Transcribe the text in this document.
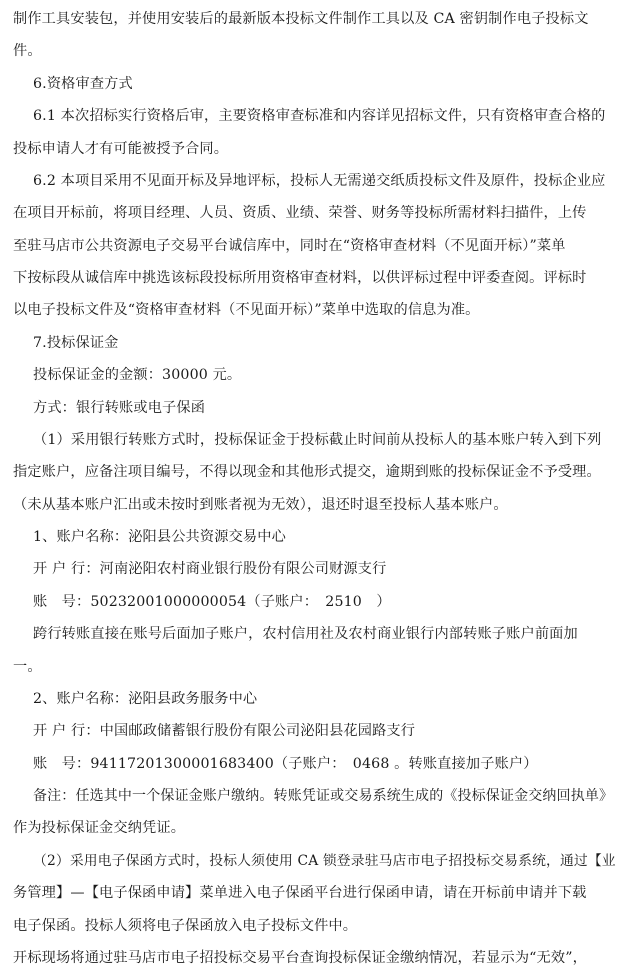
制作工具安装包，并使用安装后的最新版本投标文件制作工具以及 CA 密钥制作电子投标文
件。
6.资格审查方式
6.1 本次招标实行资格后审，主要资格审查标准和内容详见招标文件，只有资格审查合格的
投标申请人才有可能被授予合同。
6.2 本项目采用不见面开标及异地评标，投标人无需递交纸质投标文件及原件，投标企业应
在项目开标前，将项目经理、人员、资质、业绩、荣誉、财务等投标所需材料扫描件，上传
至驻马店市公共资源电子交易平台诚信库中，同时在“资格审查材料（不见面开标）”菜单
下按标段从诚信库中挑选该标段投标所用资格审查材料，以供评标过程中评委查阅。评标时
以电子投标文件及“资格审查材料（不见面开标）”菜单中选取的信息为准。
7.投标保证金
投标保证金的金额：30000 元。
方式：银行转账或电子保函
（1）采用银行转账方式时，投标保证金于投标截止时间前从投标人的基本账户转入到下列
指定账户，应备注项目编号，不得以现金和其他形式提交，逾期到账的投标保证金不予受理。
（未从基本账户汇出或未按时到账者视为无效），退还时退至投标人基本账户。
1、账户名称：泌阳县公共资源交易中心
开 户 行：河南泌阳农村商业银行股份有限公司财源支行
账　号：50232001000000054（子账户：　2510　）
跨行转账直接在账号后面加子账户，农村信用社及农村商业银行内部转账子账户前面加
一。
2、账户名称：泌阳县政务服务中心
开 户 行：中国邮政储蓄银行股份有限公司泌阳县花园路支行
账　号：94117201300001683400（子账户：　0468 。转账直接加子账户）
备注：任选其中一个保证金账户缴纳。转账凭证或交易系统生成的《投标保证金交纳回执单》
作为投标保证金交纳凭证。
（2）采用电子保函方式时，投标人须使用 CA 锁登录驻马店市电子招投标交易系统，通过【业
务管理】—【电子保函申请】菜单进入电子保函平台进行保函申请，请在开标前申请并下载
电子保函。投标人须将电子保函放入电子投标文件中。
开标现场将通过驻马店市电子招投标交易平台查询投标保证金缴纳情况，若显示为“无效”，
